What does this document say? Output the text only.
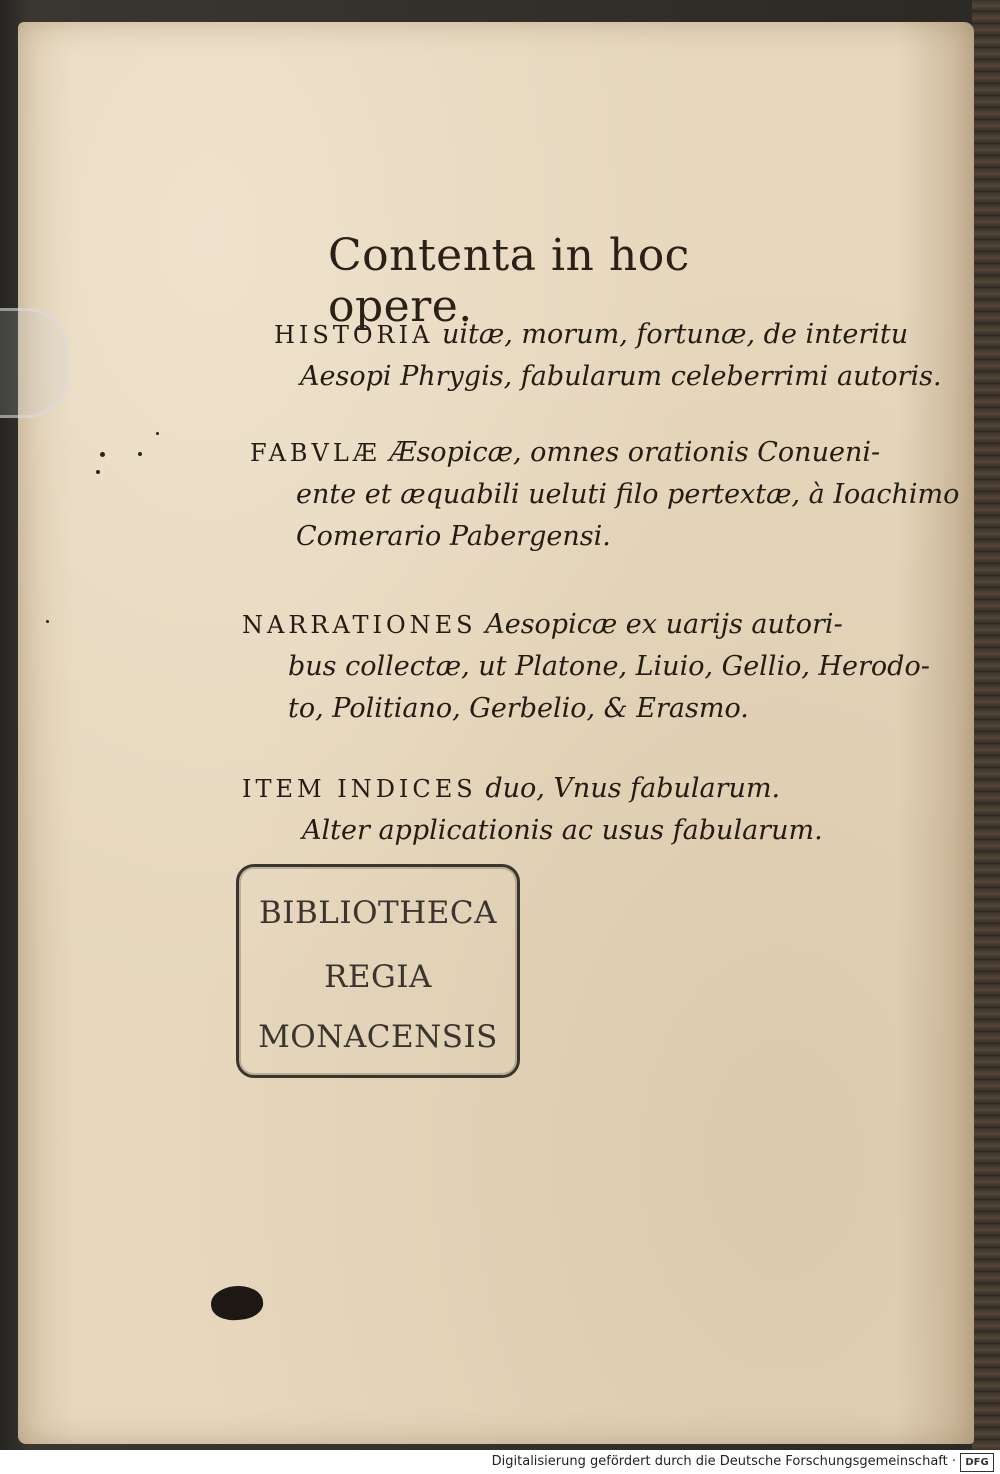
Contenta in hoc opere.
HISTORIA uitæ, morum, fortunæ, de interitu
Aesopi Phrygis, fabularum celeberrimi autoris.
FABVLÆ Æsopicæ, omnes orationis Conueni-
ente et æquabili ueluti filo pertextæ, à Ioachimo
Comerario Pabergensi.
NARRATIONES Aesopicæ ex uarijs autori-
bus collectæ, ut Platone, Liuio, Gellio, Herodo-
to, Politiano, Gerbelio, & Erasmo.
ITEM INDICES duo, Vnus fabularum.
Alter applicationis ac usus fabularum.
BIBLIOTHECA
REGIA
MONACENSIS
Digitalisierung gefördert durch die Deutsche Forschungsgemeinschaft · DFG
